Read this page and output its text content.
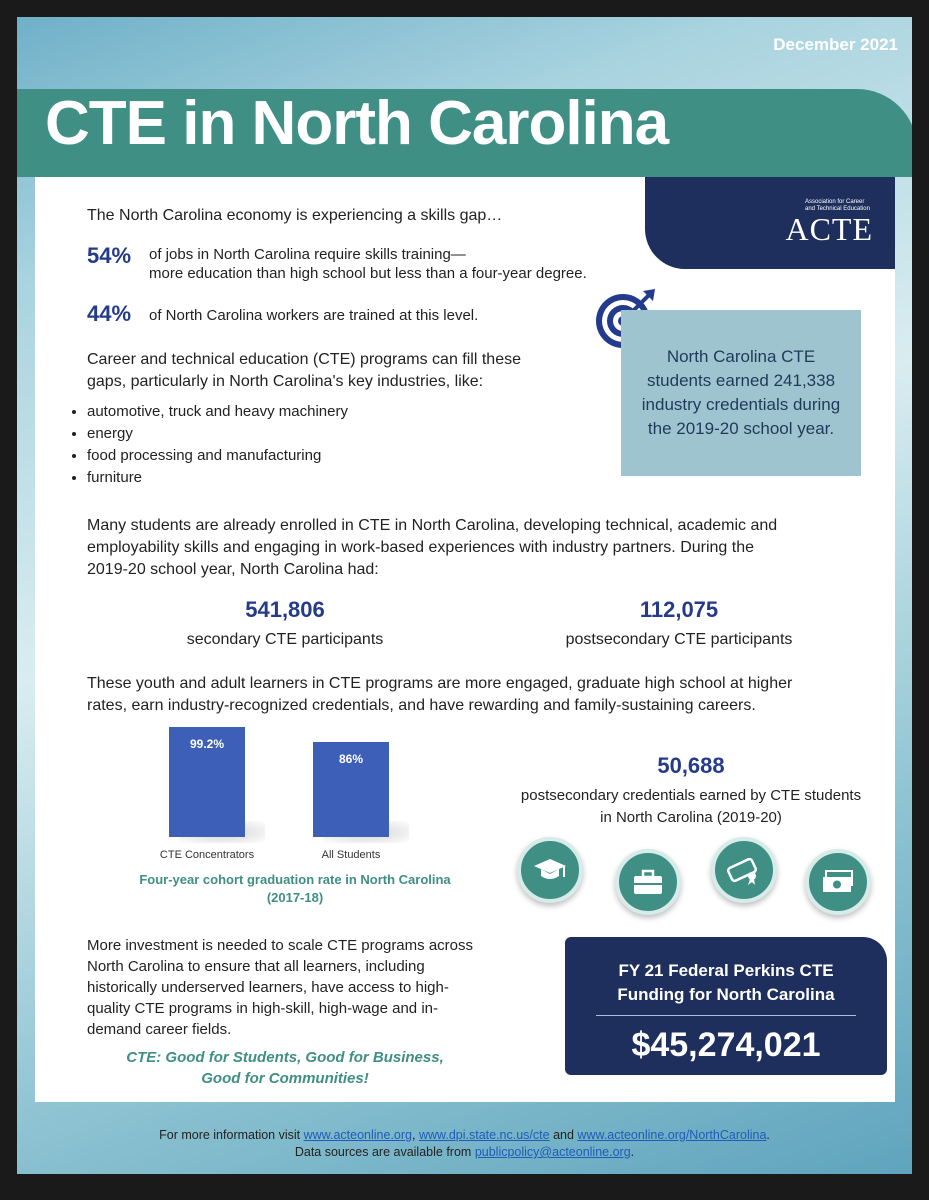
December 2021
CTE in North Carolina
Association for Career and Technical Education
ACTE
The North Carolina economy is experiencing a skills gap…
54%	of jobs in North Carolina require skills training—
more education than high school but less than a four-year degree.
44%	of North Carolina workers are trained at this level.
Career and technical education (CTE) programs can fill these
gaps, particularly in North Carolina's key industries, like:
• automotive, truck and heavy machinery
• energy
• food processing and manufacturing
• furniture
North Carolina CTE students earned 241,338 industry credentials during the 2019-20 school year.
Many students are already enrolled in CTE in North Carolina, developing technical, academic and
employability skills and engaging in work-based experiences with industry partners. During the
2019-20 school year, North Carolina had:
541,806
secondary CTE participants
112,075
postsecondary CTE participants
These youth and adult learners in CTE programs are more engaged, graduate high school at higher
rates, earn industry-recognized credentials, and have rewarding and family-sustaining careers.
99.2%
CTE Concentrators
86%
All Students
Four-year cohort graduation rate in North Carolina
(2017-18)
50,688
postsecondary credentials earned by CTE students
in North Carolina (2019-20)
More investment is needed to scale CTE programs across
North Carolina to ensure that all learners, including
historically underserved learners, have access to high-
quality CTE programs in high-skill, high-wage and in-
demand career fields.
CTE: Good for Students, Good for Business,
Good for Communities!
FY 21 Federal Perkins CTE
Funding for North Carolina
$45,274,021
For more information visit www.acteonline.org, www.dpi.state.nc.us/cte and www.acteonline.org/NorthCarolina.
Data sources are available from publicpolicy@acteonline.org.
